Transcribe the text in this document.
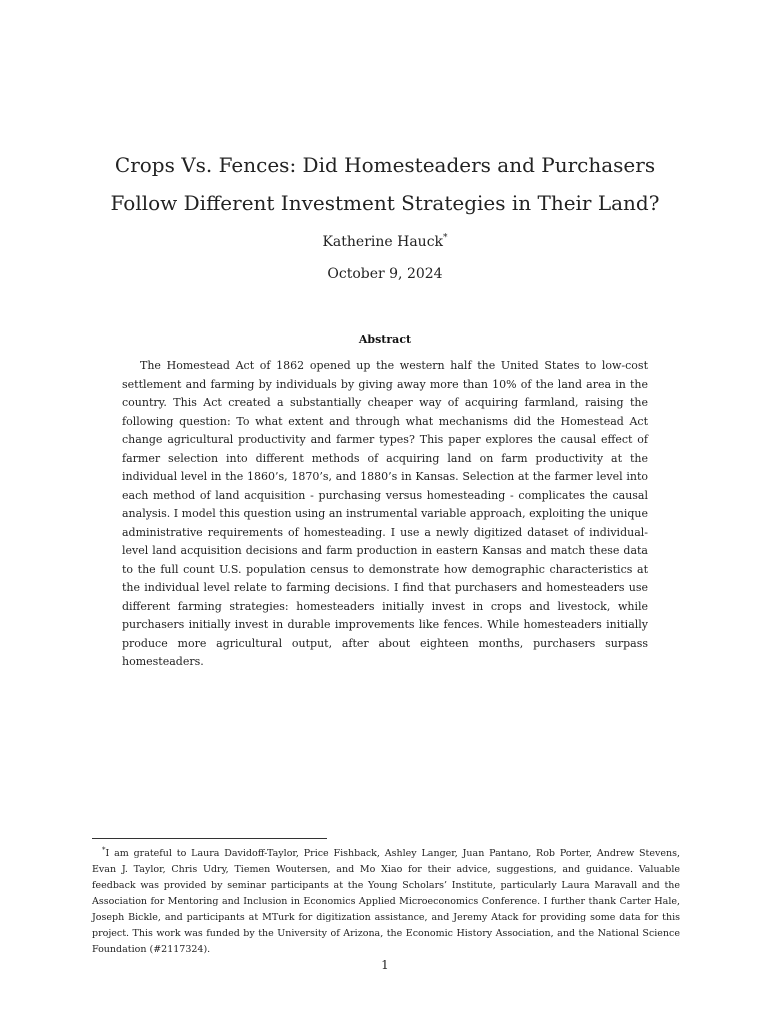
Crops Vs. Fences: Did Homesteaders and Purchasers Follow Different Investment Strategies in Their Land?
Katherine Hauck*
October 9, 2024
Abstract

The Homestead Act of 1862 opened up the western half the United States to low-cost settlement and farming by individuals by giving away more than 10% of the land area in the country. This Act created a substantially cheaper way of acquiring farmland, raising the following question: To what extent and through what mechanisms did the Homestead Act change agricultural productivity and farmer types? This paper explores the causal effect of farmer selection into different methods of acquiring land on farm productivity at the individual level in the 1860’s, 1870’s, and 1880’s in Kansas. Selection at the farmer level into each method of land acquisition - purchasing versus homesteading - complicates the causal analysis. I model this question using an instrumental variable approach, exploiting the unique administrative requirements of homesteading. I use a newly digitized dataset of individual-level land acquisition decisions and farm production in eastern Kansas and match these data to the full count U.S. population census to demonstrate how demographic characteristics at the individual level relate to farming decisions. I find that purchasers and homesteaders use different farming strategies: homesteaders initially invest in crops and livestock, while purchasers initially invest in durable improvements like fences. While homesteaders initially produce more agricultural output, after about eighteen months, purchasers surpass homesteaders.

*I am grateful to Laura Davidoff-Taylor, Price Fishback, Ashley Langer, Juan Pantano, Rob Porter, Andrew Stevens, Evan J. Taylor, Chris Udry, Tiemen Woutersen, and Mo Xiao for their advice, suggestions, and guidance. Valuable feedback was provided by seminar participants at the Young Scholars’ Institute, particularly Laura Maravall and the Association for Mentoring and Inclusion in Economics Applied Microeconomics Conference. I further thank Carter Hale, Joseph Bickle, and participants at MTurk for digitization assistance, and Jeremy Atack for providing some data for this project. This work was funded by the University of Arizona, the Economic History Association, and the National Science Foundation (#2117324).

1
